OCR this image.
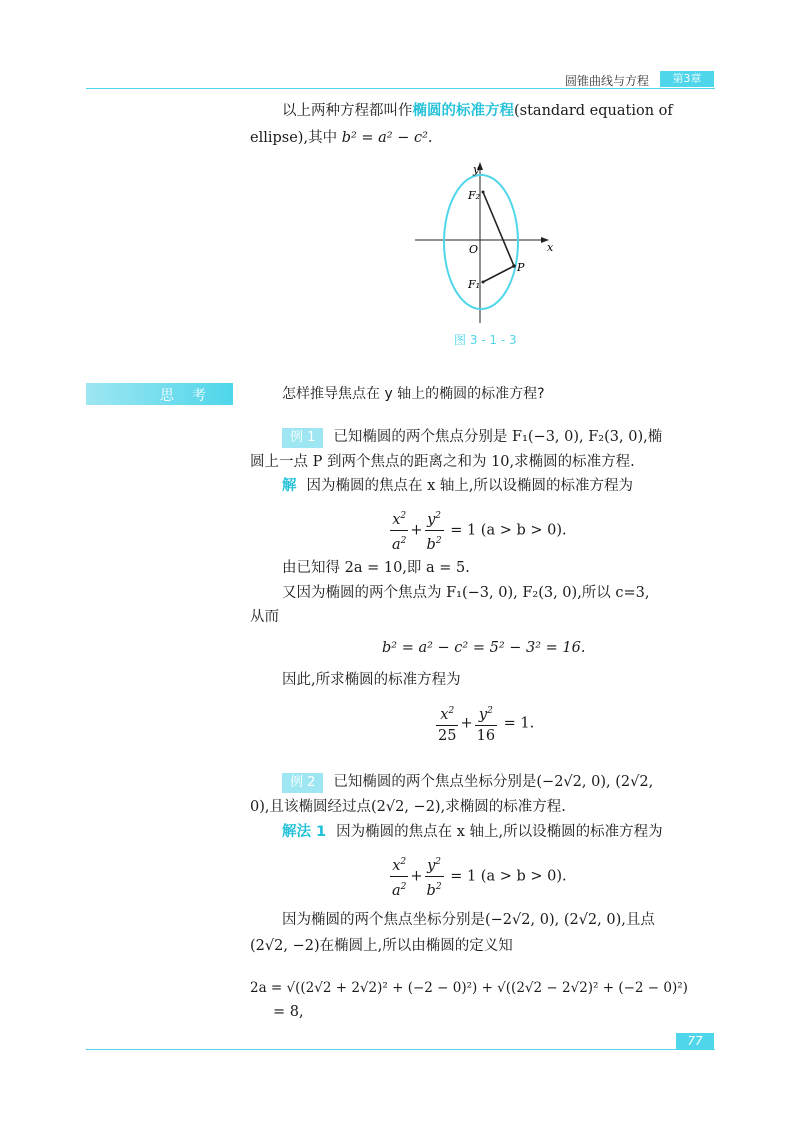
圆锥曲线与方程	第3章
以上两种方程都叫作椭圆的标准方程(standard equation of
ellipse),其中 b² = a² − c².
y
x
O
F₂
F₁
P
图 3 - 1 - 3
思考	怎样推导焦点在 y 轴上的椭圆的标准方程?
例 1 已知椭圆的两个焦点分别是 F₁(−3, 0), F₂(3, 0),椭
圆上一点 P 到两个焦点的距离之和为 10,求椭圆的标准方程.
解 因为椭圆的焦点在 x 轴上,所以设椭圆的标准方程为
$\frac{x^2}{a^2} + \frac{y^2}{b^2} = 1$ (a > b > 0).
由已知得 2a = 10,即 a = 5.
又因为椭圆的两个焦点为 F₁(−3, 0), F₂(3, 0),所以 c=3,
从而
b² = a² − c² = 5² − 3² = 16.
因此,所求椭圆的标准方程为
$\frac{x^2}{25} + \frac{y^2}{16} = 1$.
例 2 已知椭圆的两个焦点坐标分别是(−2√2, 0), (2√2,
0),且该椭圆经过点(2√2, −2),求椭圆的标准方程.
解法 1 因为椭圆的焦点在 x 轴上,所以设椭圆的标准方程为
$\frac{x^2}{a^2} + \frac{y^2}{b^2} = 1$ (a > b > 0).
因为椭圆的两个焦点坐标分别是(−2√2, 0), (2√2, 0),且点
(2√2, −2)在椭圆上,所以由椭圆的定义知
2a = √((2√2 + 2√2)² + (−2 − 0)²) + √((2√2 − 2√2)² + (−2 − 0)²)
= 8,
77
